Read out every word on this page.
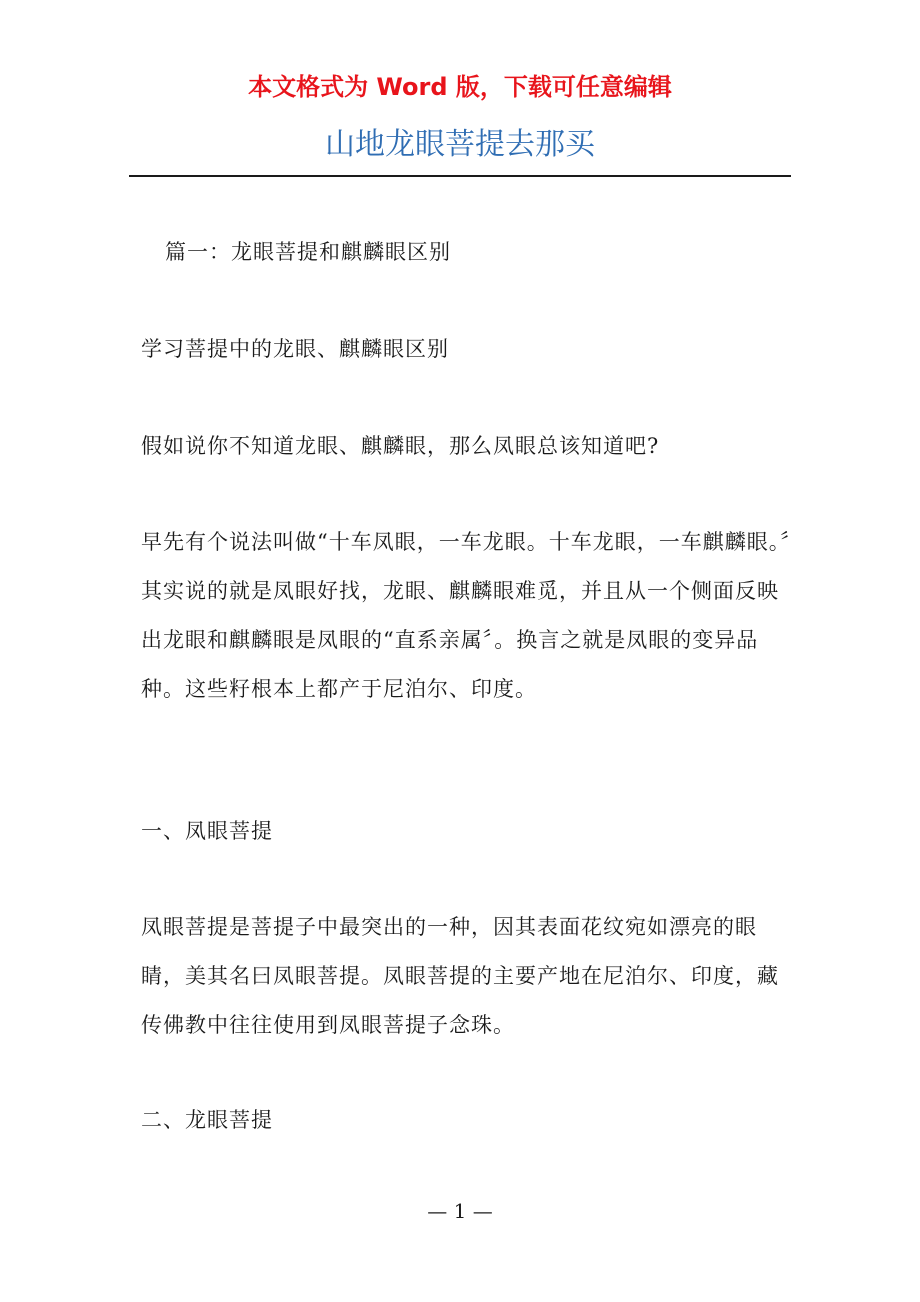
本文格式为 Word 版，下载可任意编辑
山地龙眼菩提去那买

篇一：龙眼菩提和麒麟眼区别

学习菩提中的龙眼、麒麟眼区别

假如说你不知道龙眼、麒麟眼，那么凤眼总该知道吧?

早先有个说法叫做“十车凤眼，一车龙眼。十车龙眼，一车麒麟眼。〞其实说的就是凤眼好找，龙眼、麒麟眼难觅，并且从一个侧面反映出龙眼和麒麟眼是凤眼的“直系亲属〞。换言之就是凤眼的变异品种。这些籽根本上都产于尼泊尔、印度。

一、凤眼菩提

凤眼菩提是菩提子中最突出的一种，因其表面花纹宛如漂亮的眼睛，美其名曰凤眼菩提。凤眼菩提的主要产地在尼泊尔、印度，藏传佛教中往往使用到凤眼菩提子念珠。

二、龙眼菩提

— 1 —
